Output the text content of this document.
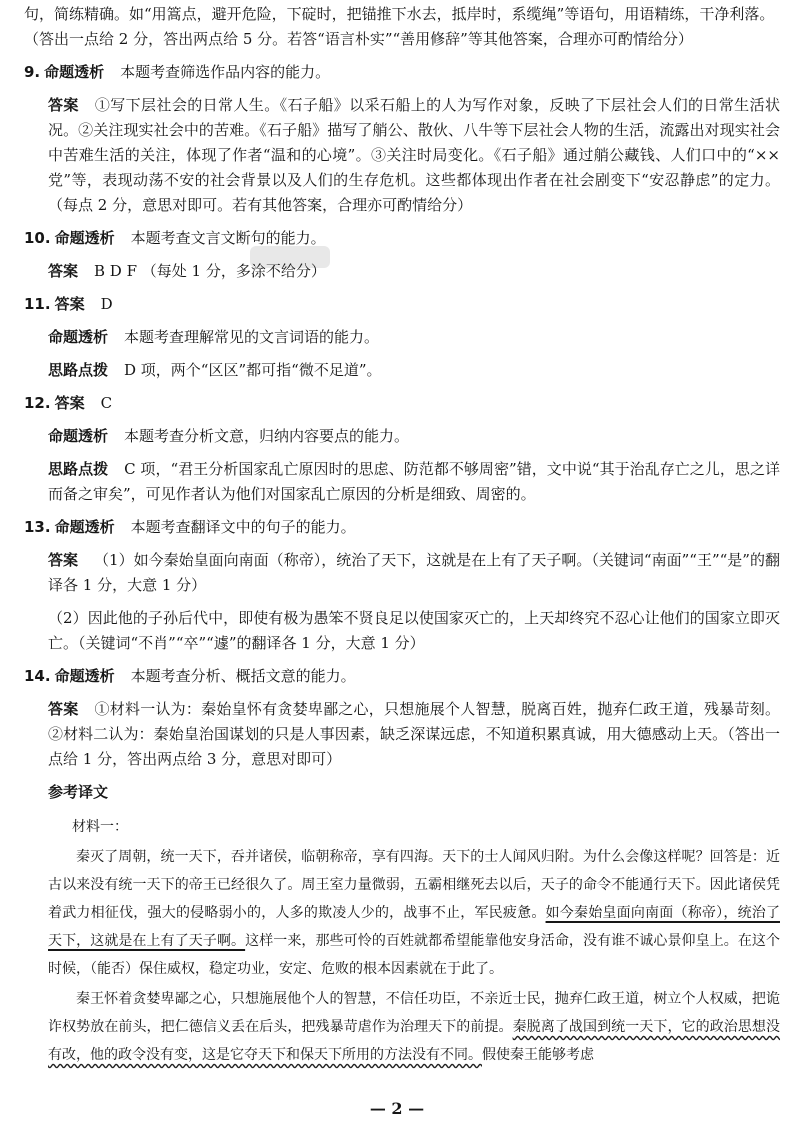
句，简练精确。如“用篙点，避开危险，下碇时，把锚推下水去，抵岸时，系缆绳”等语句，用语精练，干净利落。
（答出一点给 2 分，答出两点给 5 分。若答“语言朴实”“善用修辞”等其他答案，合理亦可酌情给分）

9. 命题透析 本题考查筛选作品内容的能力。

答案 ①写下层社会的日常人生。《石子船》以采石船上的人为写作对象，反映了下层社会人们的日常生活状况。②关注现实社会中的苦难。《石子船》描写了艄公、散伙、八牛等下层社会人物的生活，流露出对现实社会中苦难生活的关注，体现了作者“温和的心境”。③关注时局变化。《石子船》通过艄公藏钱、人们口中的“××党”等，表现动荡不安的社会背景以及人们的生存危机。这些都体现出作者在社会剧变下“安忍静虑”的定力。（每点 2 分，意思对即可。若有其他答案，合理亦可酌情给分）

10. 命题透析 本题考查文言文断句的能力。

答案 B D F （每处 1 分，多涂不给分）

11. 答案 D

命题透析 本题考查理解常见的文言词语的能力。

思路点拨 D 项，两个“区区”都可指“微不足道”。

12. 答案 C

命题透析 本题考查分析文意，归纳内容要点的能力。

思路点拨 C 项，“君王分析国家乱亡原因时的思虑、防范都不够周密”错，文中说“其于治乱存亡之儿，思之详而备之审矣”，可见作者认为他们对国家乱亡原因的分析是细致、周密的。

13. 命题透析 本题考查翻译文中的句子的能力。

答案 （1）如今秦始皇面向南面（称帝），统治了天下，这就是在上有了天子啊。（关键词“南面”“王”“是”的翻译各 1 分，大意 1 分）

（2）因此他的子孙后代中，即使有极为愚笨不贤良足以使国家灭亡的，上天却终究不忍心让他们的国家立即灭亡。（关键词“不肖”“卒”“遽”的翻译各 1 分，大意 1 分）

14. 命题透析 本题考查分析、概括文意的能力。

答案 ①材料一认为：秦始皇怀有贪婪卑鄙之心，只想施展个人智慧，脱离百姓，抛弃仁政王道，残暴苛刻。②材料二认为：秦始皇治国谋划的只是人事因素，缺乏深谋远虑，不知道积累真诚，用大德感动上天。（答出一点给 1 分，答出两点给 3 分，意思对即可）

参考译文

材料一：

秦灭了周朝，统一天下，吞并诸侯，临朝称帝，享有四海。天下的士人闻风归附。为什么会像这样呢？回答是：近古以来没有统一天下的帝王已经很久了。周王室力量微弱，五霸相继死去以后，天子的命令不能通行天下。因此诸侯凭着武力相征伐，强大的侵略弱小的，人多的欺凌人少的，战事不止，军民疲惫。如今秦始皇面向南面（称帝），统治了天下，这就是在上有了天子啊。这样一来，那些可怜的百姓就都希望能靠他安身活命，没有谁不诚心景仰皇上。在这个时候，（能否）保住威权，稳定功业，安定、危败的根本因素就在于此了。

秦王怀着贪婪卑鄙之心，只想施展他个人的智慧，不信任功臣，不亲近士民，抛弃仁政王道，树立个人权威，把诡诈权势放在前头，把仁德信义丢在后头，把残暴苛虐作为治理天下的前提。秦脱离了战国到统一天下，它的政治思想没有改，他的政令没有变，这是它夺天下和保天下所用的方法没有不同。假使秦王能够考虑

— 2 —
